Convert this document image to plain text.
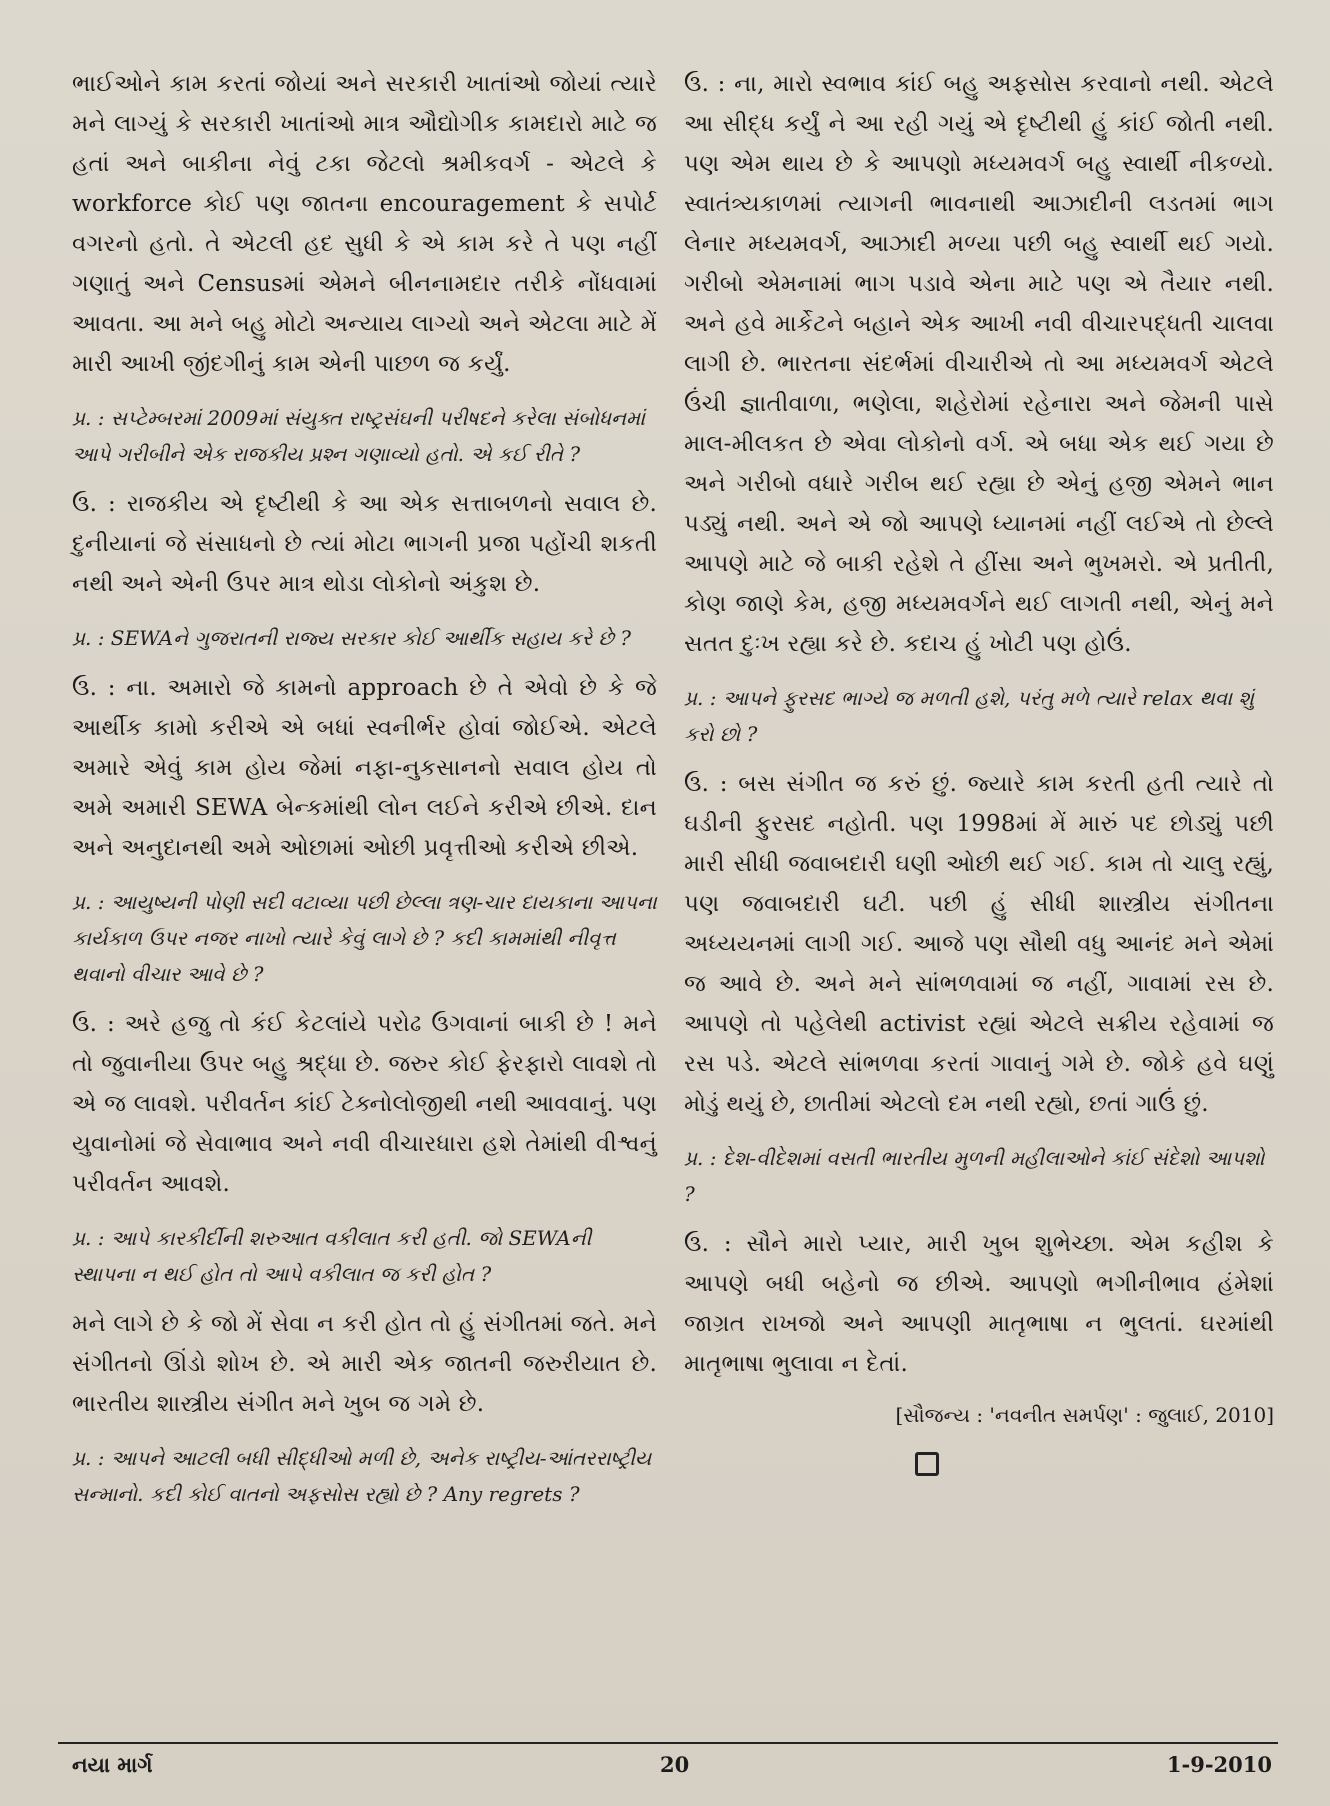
ભાઈઓને કામ કરતાં જોયાં અને સરકારી ખાતાંઓ જોયાં ત્યારે મને લાગ્યું કે સરકારી ખાતાંઓ માત્ર ઔદ્યોગીક કામદારો માટે જ હતાં અને બાકીના નેવું ટકા જેટલો શ્રમીકવર્ગ - એટલે કે workforce કોઈ પણ જાતના encouragement કે સપોર્ટ વગરનો હતો. તે એટલી હદ સુધી કે એ કામ કરે તે પણ નહીં ગણાતું અને Censusમાં એમને બીનનામદાર તરીકે નોંધવામાં આવતા. આ મને બહુ મોટો અન્યાય લાગ્યો અને એટલા માટે મેં મારી આખી જીંદગીનું કામ એની પાછળ જ કર્યું.

પ્ર. : સપ્ટેમ્બરમાં 2009માં સંયુક્ત રાષ્ટ્રસંઘની પરીષદને કરેલા સંબોધનમાં આપે ગરીબીને એક રાજકીય પ્રશ્ન ગણાવ્યો હતો. એ કઈ રીતે ?

ઉ. : રાજકીય એ દૃષ્ટીથી કે આ એક સત્તાબળનો સવાલ છે. દુનીયાનાં જે સંસાધનો છે ત્યાં મોટા ભાગની પ્રજા પહોંચી શકતી નથી અને એની ઉપર માત્ર થોડા લોકોનો અંકુશ છે.

પ્ર. : SEWAને ગુજરાતની રાજ્ય સરકાર કોઈ આર્થીક સહાય કરે છે ?

ઉ. : ના. અમારો જે કામનો approach છે તે એવો છે કે જે આર્થીક કામો કરીએ એ બધાં સ્વનીર્ભર હોવાં જોઈએ. એટલે અમારે એવું કામ હોય જેમાં નફા-નુકસાનનો સવાલ હોય તો અમે અમારી SEWA બેન્કમાંથી લોન લઈને કરીએ છીએ. દાન અને અનુદાનથી અમે ઓછામાં ઓછી પ્રવૃત્તીઓ કરીએ છીએ.

પ્ર. : આયુષ્યની પોણી સદી વટાવ્યા પછી છેલ્લા ત્રણ-ચાર દાયકાના આપના કાર્યકાળ ઉપર નજર નાખો ત્યારે કેવું લાગે છે ? કદી કામમાંથી નીવૃત્ત થવાનો વીચાર આવે છે ?

ઉ. : અરે હજુ તો કંઈ કેટલાંયે પરોઢ ઉગવાનાં બાકી છે ! મને તો જુવાનીયા ઉપર બહુ શ્રદ્ધા છે. જરુર કોઈ ફેરફારો લાવશે તો એ જ લાવશે. પરીવર્તન કાંઈ ટેક્નોલોજીથી નથી આવવાનું. પણ યુવાનોમાં જે સેવાભાવ અને નવી વીચારધારા હશે તેમાંથી વીશ્વનું પરીવર્તન આવશે.

પ્ર. : આપે કારકીર્દીની શરુઆત વકીલાત કરી હતી. જો SEWAની સ્થાપના ન થઈ હોત તો આપે વકીલાત જ કરી હોત ?

મને લાગે છે કે જો મેં સેવા ન કરી હોત તો હું સંગીતમાં જતે. મને સંગીતનો ઊંડો શોખ છે. એ મારી એક જાતની જરુરીયાત છે. ભારતીય શાસ્ત્રીય સંગીત મને ખુબ જ ગમે છે.

પ્ર. : આપને આટલી બધી સીદ્ધીઓ મળી છે, અનેક રાષ્ટ્રીય-આંતરરાષ્ટ્રીય સન્માનો. કદી કોઈ વાતનો અફસોસ રહ્યો છે ? Any regrets ?

ઉ. : ના, મારો સ્વભાવ કાંઈ બહુ અફસોસ કરવાનો નથી. એટલે આ સીદ્ધ કર્યું ને આ રહી ગયું એ દૃષ્ટીથી હું કાંઈ જોતી નથી. પણ એમ થાય છે કે આપણો મધ્યમવર્ગ બહુ સ્વાર્થી નીકળ્યો. સ્વાતંત્ર્યકાળમાં ત્યાગની ભાવનાથી આઝાદીની લડતમાં ભાગ લેનાર મધ્યમવર્ગ, આઝાદી મળ્યા પછી બહુ સ્વાર્થી થઈ ગયો. ગરીબો એમનામાં ભાગ પડાવે એના માટે પણ એ તૈયાર નથી. અને હવે માર્કેટને બહાને એક આખી નવી વીચારપદ્ધતી ચાલવા લાગી છે. ભારતના સંદર્ભમાં વીચારીએ તો આ મધ્યમવર્ગ એટલે ઉંચી જ્ઞાતીવાળા, ભણેલા, શહેરોમાં રહેનારા અને જેમની પાસે માલ-મીલકત છે એવા લોકોનો વર્ગ. એ બધા એક થઈ ગયા છે અને ગરીબો વધારે ગરીબ થઈ રહ્યા છે એનું હજી એમને ભાન પડ્યું નથી. અને એ જો આપણે ધ્યાનમાં નહીં લઈએ તો છેલ્લે આપણે માટે જે બાકી રહેશે તે હીંસા અને ભુખમરો. એ પ્રતીતી, કોણ જાણે કેમ, હજી મધ્યમવર્ગને થઈ લાગતી નથી, એનું મને સતત દુઃખ રહ્યા કરે છે. કદાચ હું ખોટી પણ હોઉં.

પ્ર. : આપને ફુરસદ ભાગ્યે જ મળતી હશે, પરંતુ મળે ત્યારે relax થવા શું કરો છો ?

ઉ. : બસ સંગીત જ કરું છું. જ્યારે કામ કરતી હતી ત્યારે તો ઘડીની ફુરસદ નહોતી. પણ 1998માં મેં મારું પદ છોડ્યું પછી મારી સીધી જવાબદારી ઘણી ઓછી થઈ ગઈ. કામ તો ચાલુ રહ્યું, પણ જવાબદારી ઘટી. પછી હું સીધી શાસ્ત્રીય સંગીતના અધ્યયનમાં લાગી ગઈ. આજે પણ સૌથી વધુ આનંદ મને એમાં જ આવે છે. અને મને સાંભળવામાં જ નહીં, ગાવામાં રસ છે. આપણે તો પહેલેથી activist રહ્યાં એટલે સક્રીય રહેવામાં જ રસ પડે. એટલે સાંભળવા કરતાં ગાવાનું ગમે છે. જોકે હવે ઘણું મોડું થયું છે, છાતીમાં એટલો દમ નથી રહ્યો, છતાં ગાઉં છું.

પ્ર. : દેશ-વીદેશમાં વસતી ભારતીય મુળની મહીલાઓને કાંઈ સંદેશો આપશો ?

ઉ. : સૌને મારો પ્યાર, મારી ખુબ શુભેચ્છા. એમ કહીશ કે આપણે બધી બહેનો જ છીએ. આપણો ભગીનીભાવ હંમેશાં જાગ્રત રાખજો અને આપણી માતૃભાષા ન ભુલતાં. ઘરમાંથી માતૃભાષા ભુલાવા ન દેતાં.

[સૌજન્ય : 'નવનીત સમર્પણ' : જુલાઈ, 2010]
નયા માર્ગ	20	1-9-2010
